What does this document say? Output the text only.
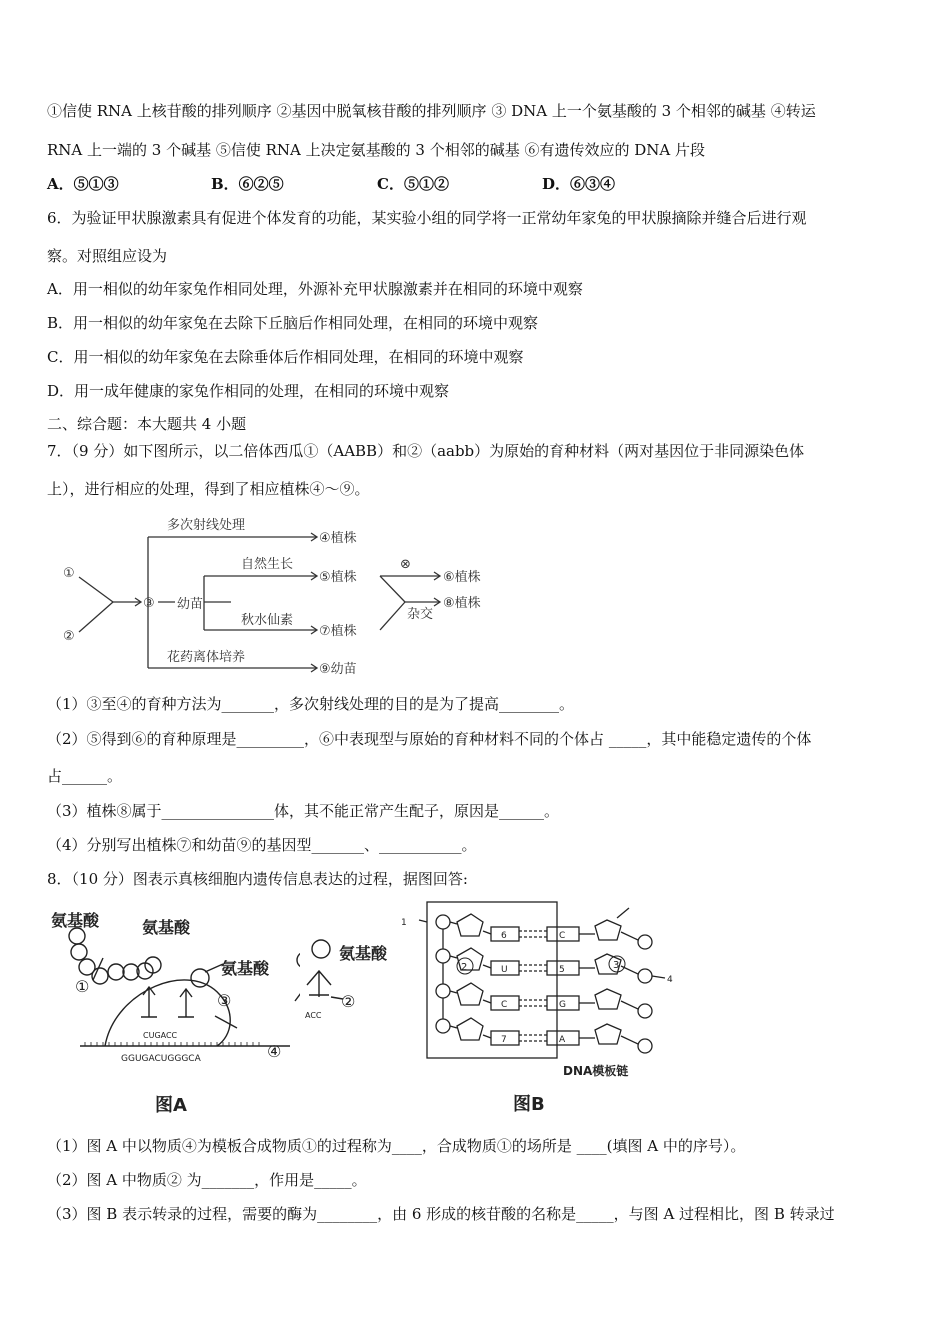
①信使 RNA 上核苷酸的排列顺序 ②基因中脱氧核苷酸的排列顺序 ③ DNA 上一个氨基酸的 3 个相邻的碱基 ④转运
RNA 上一端的 3 个碱基 ⑤信使 RNA 上决定氨基酸的 3 个相邻的碱基 ⑥有遗传效应的 DNA 片段
A．⑤①③	B．⑥②⑤	C．⑤①②	D．⑥③④
6．为验证甲状腺激素具有促进个体发育的功能，某实验小组的同学将一正常幼年家兔的甲状腺摘除并缝合后进行观
察。对照组应设为
A．用一相似的幼年家兔作相同处理，外源补充甲状腺激素并在相同的环境中观察
B．用一相似的幼年家兔在去除下丘脑后作相同处理，在相同的环境中观察
C．用一相似的幼年家兔在去除垂体后作相同处理，在相同的环境中观察
D．用一成年健康的家兔作相同的处理，在相同的环境中观察
二、综合题：本大题共 4 小题
7．（9 分）如下图所示，以二倍体西瓜①（AABB）和②（aabb）为原始的育种材料（两对基因位于非同源染色体
上），进行相应的处理，得到了相应植株④～⑨。
①
②
③ 幼苗
多次射线处理
自然生长
秋水仙素
花药离体培养
⊗
杂交
④植株
⑤植株	⑥植株
⑦植株
⑧植株
⑨幼苗
（1）③至④的育种方法为_______，多次射线处理的目的是为了提高________。
（2）⑤得到⑥的育种原理是_________，⑥中表现型与原始的育种材料不同的个体占 _____，其中能稳定遗传的个体
占______。
（3）植株⑧属于_______________体，其不能正常产生配子，原因是______。
（4）分别写出植株⑦和幼苗⑨的基因型_______、___________。
8．（10 分）图表示真核细胞内遗传信息表达的过程，据图回答:
氨基酸	氨基酸
氨基酸
①
③
④
CUGACC
GGUGACUGGGCA
图A
氨基酸
②
ACC
1
4
2	3
6
U
C
7
C
5
G
A
DNA模板链
图B
（1）图 A 中以物质④为模板合成物质①的过程称为____，合成物质①的场所是 ____(填图 A 中的序号）。
（2）图 A 中物质② 为_______，作用是_____。
（3）图 B 表示转录的过程，需要的酶为________，由 6 形成的核苷酸的名称是_____，与图 A 过程相比，图 B 转录过
